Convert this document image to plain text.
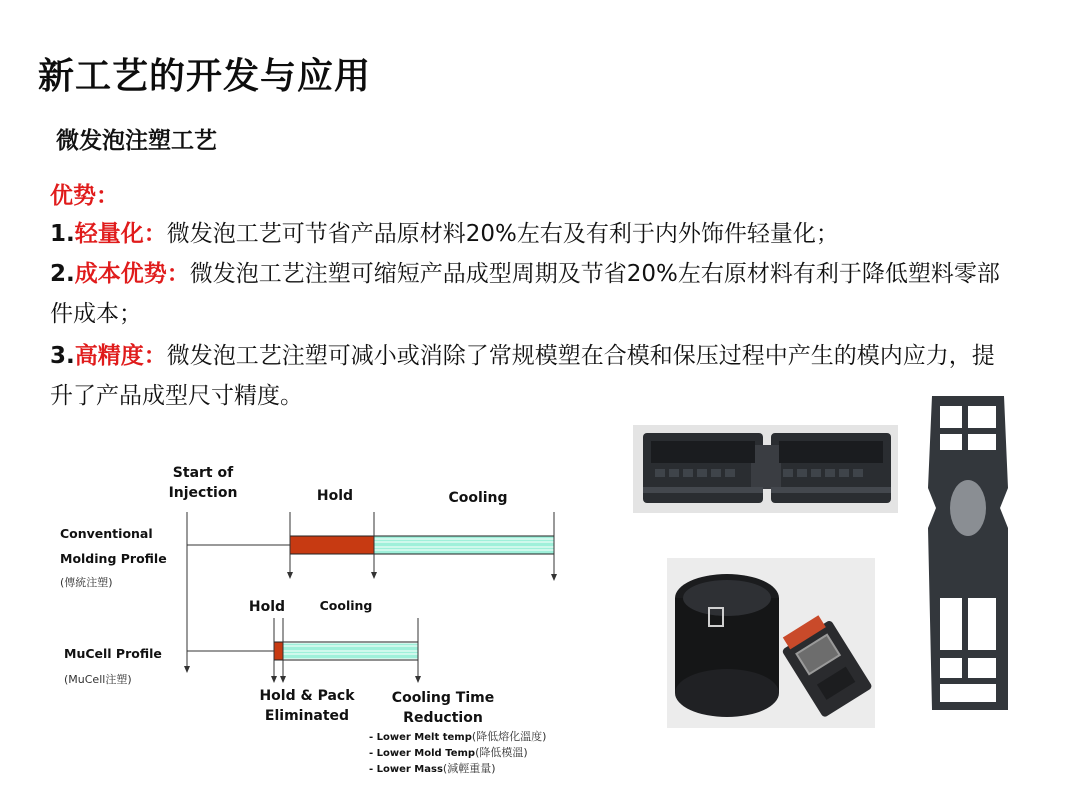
新工艺的开发与应用
微发泡注塑工艺
优势：
1.轻量化：微发泡工艺可节省产品原材料20%左右及有利于内外饰件轻量化；
2.成本优势：微发泡工艺注塑可缩短产品成型周期及节省20%左右原材料有利于降低塑料零部件成本；
3.高精度：微发泡工艺注塑可减小或消除了常规模塑在合模和保压过程中产生的模内应力，提升了产品成型尺寸精度。
Start of
Injection	Hold	Cooling
Conventional
Molding Profile
(傳統注塑)
Hold	Cooling
MuCell Profile
(MuCell注塑)
Hold & Pack
Eliminated
Cooling Time
Reduction
- Lower Melt temp(降低熔化溫度)
- Lower Mold Temp(降低模溫)
- Lower Mass(減輕重量)
